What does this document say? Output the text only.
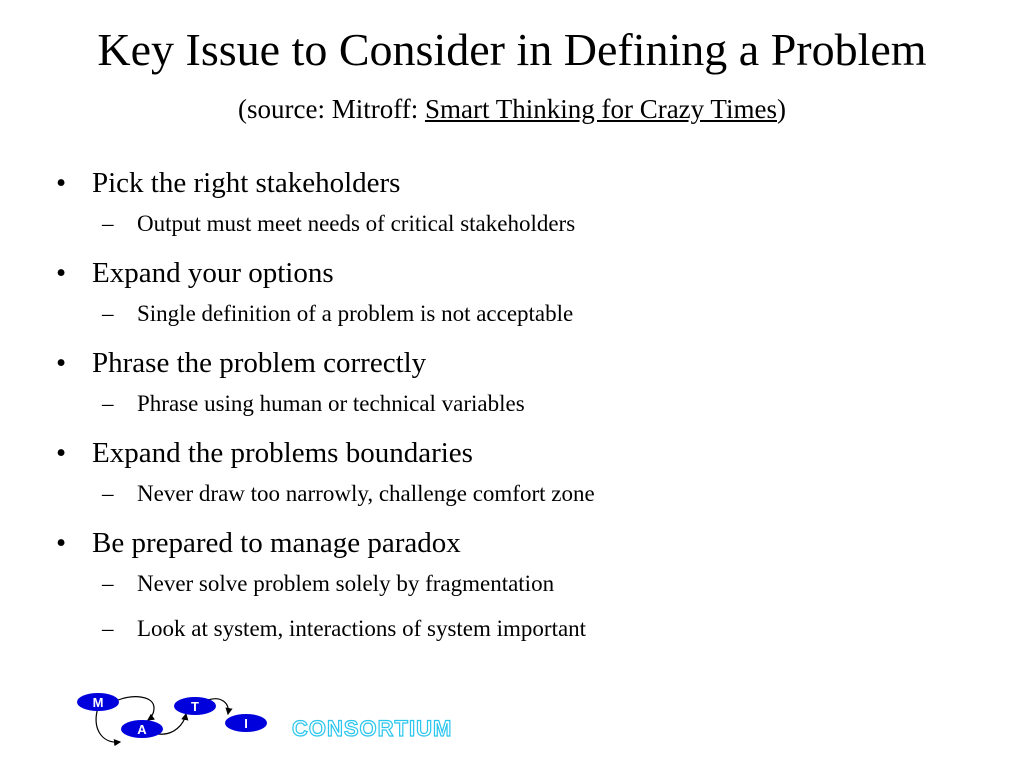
Key Issue to Consider in Defining a Problem
(source: Mitroff: Smart Thinking for Crazy Times)
• Pick the right stakeholders
– Output must meet needs of critical stakeholders
• Expand your options
– Single definition of a problem is not acceptable
• Phrase the problem correctly
– Phrase using human or technical variables
• Expand the problems boundaries
– Never draw too narrowly, challenge comfort zone
• Be prepared to manage paradox
– Never solve problem solely by fragmentation
– Look at system, interactions of system important
M
A
T
I CONSORTIUM
